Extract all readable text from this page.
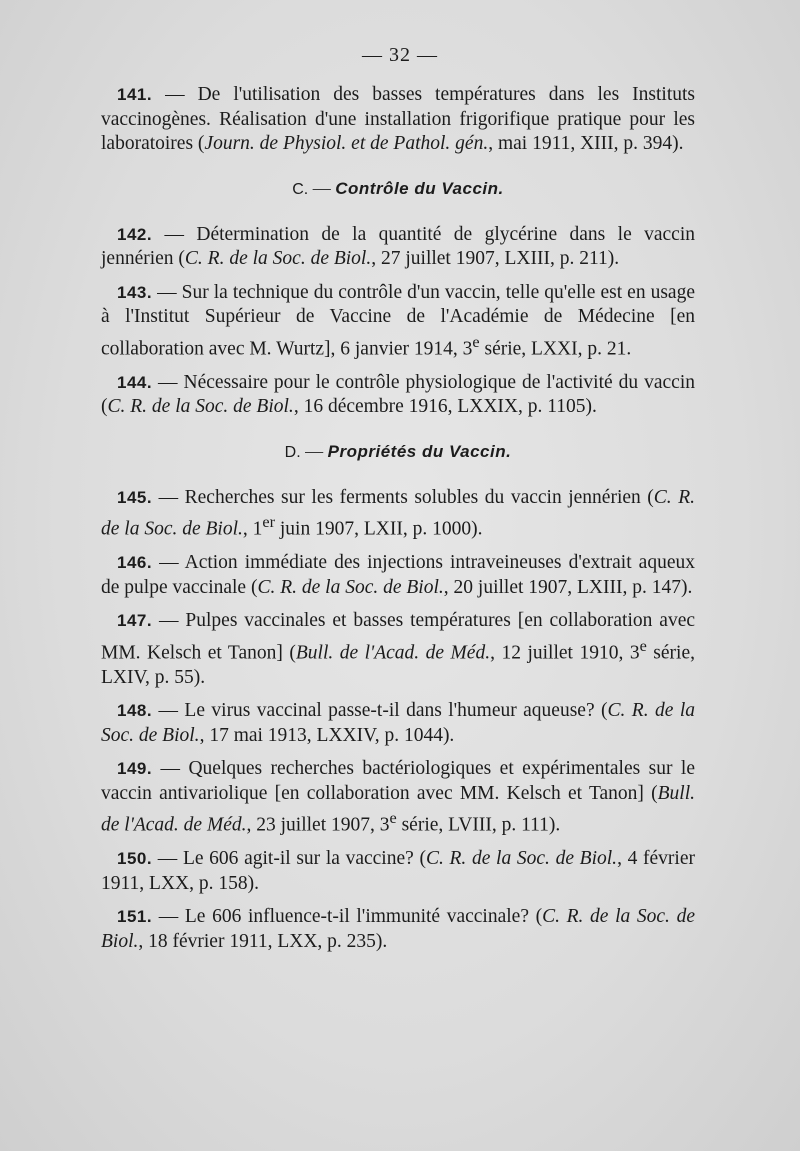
— 32 —

141. — De l'utilisation des basses températures dans les Instituts vaccinogènes. Réalisation d'une installation frigorifique pratique pour les laboratoires (Journ. de Physiol. et de Pathol. gén., mai 1911, XIII, p. 394).

C. — Contrôle du Vaccin.

142. — Détermination de la quantité de glycérine dans le vaccin jennérien (C. R. de la Soc. de Biol., 27 juillet 1907, LXIII, p. 211).

143. — Sur la technique du contrôle d'un vaccin, telle qu'elle est en usage à l'Institut Supérieur de Vaccine de l'Académie de Médecine [en collaboration avec M. Wurtz], 6 janvier 1914, 3e série, LXXI, p. 21.

144. — Nécessaire pour le contrôle physiologique de l'activité du vaccin (C. R. de la Soc. de Biol., 16 décembre 1916, LXXIX, p. 1105).

D. — Propriétés du Vaccin.

145. — Recherches sur les ferments solubles du vaccin jennérien (C. R. de la Soc. de Biol., 1er juin 1907, LXII, p. 1000).

146. — Action immédiate des injections intraveineuses d'extrait aqueux de pulpe vaccinale (C. R. de la Soc. de Biol., 20 juillet 1907, LXIII, p. 147).

147. — Pulpes vaccinales et basses températures [en collaboration avec MM. Kelsch et Tanon] (Bull. de l'Acad. de Méd., 12 juillet 1910, 3e série, LXIV, p. 55).

148. — Le virus vaccinal passe-t-il dans l'humeur aqueuse? (C. R. de la Soc. de Biol., 17 mai 1913, LXXIV, p. 1044).

149. — Quelques recherches bactériologiques et expérimentales sur le vaccin antivariolique [en collaboration avec MM. Kelsch et Tanon] (Bull. de l'Acad. de Méd., 23 juillet 1907, 3e série, LVIII, p. 111).

150. — Le 606 agit-il sur la vaccine? (C. R. de la Soc. de Biol., 4 février 1911, LXX, p. 158).

151. — Le 606 influence-t-il l'immunité vaccinale? (C. R. de la Soc. de Biol., 18 février 1911, LXX, p. 235).
